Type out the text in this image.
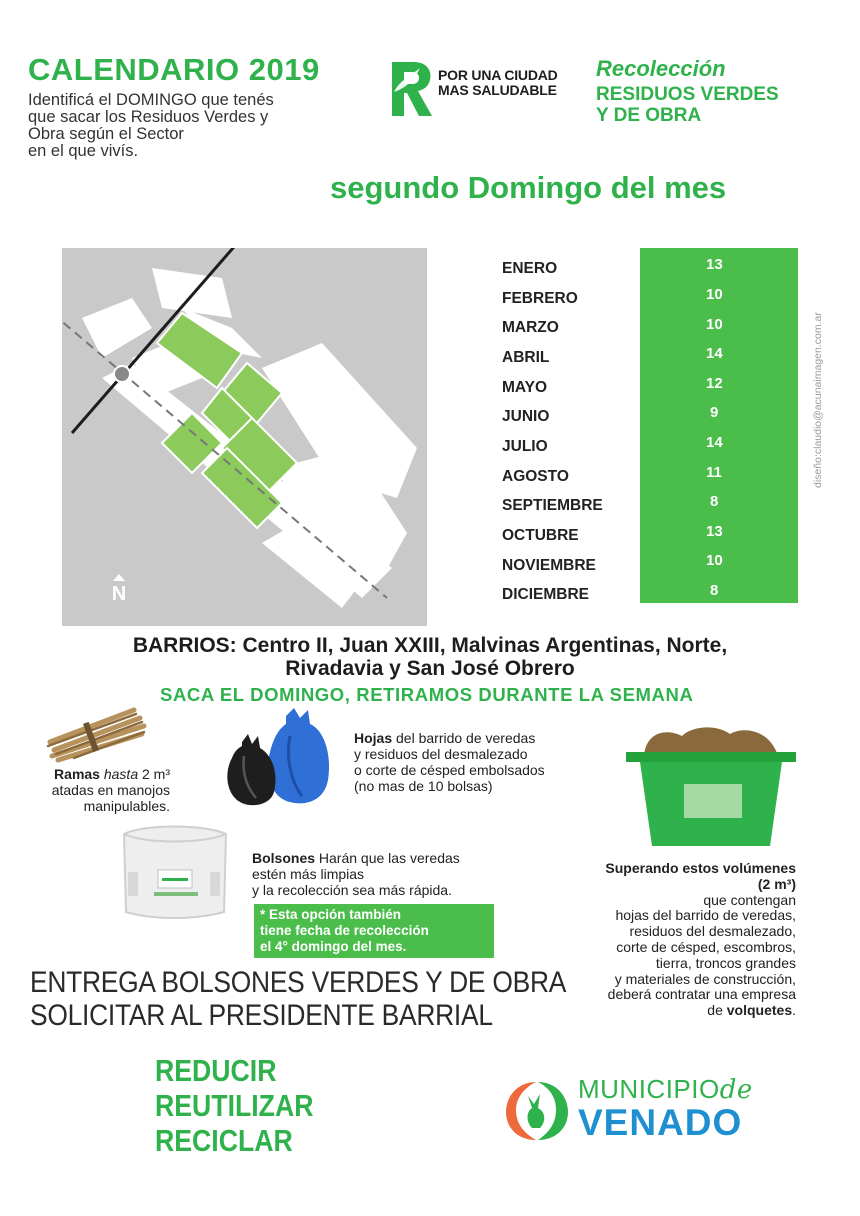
CALENDARIO 2019
Identificá el DOMINGO que tenés
que sacar los Residuos Verdes y
Obra según el Sector
en el que vivís.
POR UNA CIUDAD
MAS SALUDABLE
Recolección
RESIDUOS VERDES
Y DE OBRA
segundo Domingo del mes
N
ENERO
FEBRERO
MARZO
ABRIL
MAYO
JUNIO
JULIO
AGOSTO
SEPTIEMBRE
OCTUBRE
NOVIEMBRE
DICIEMBRE
13
10
10
14
12
9
14
11
8
13
10
8
diseño:claudio@acunaimagen.com.ar
BARRIOS: Centro II, Juan XXIII, Malvinas Argentinas, Norte,
Rivadavia y San José Obrero
SACA EL DOMINGO, RETIRAMOS DURANTE LA SEMANA
Ramas hasta 2 m³
atadas en manojos
manipulables.
Hojas del barrido de veredas
y residuos del desmalezado
o corte de césped embolsados
(no mas de 10 bolsas)
Bolsones Harán que las veredas
estén más limpias
y la recolección sea más rápida.
* Esta opción también
tiene fecha de recolección
el 4° domingo del mes.
Superando estos volúmenes
(2 m³)
que contengan
hojas del barrido de veredas,
residuos del desmalezado,
corte de césped, escombros,
tierra, troncos grandes
y materiales de construcción,
deberá contratar una empresa
de volquetes.
ENTREGA BOLSONES VERDES Y DE OBRA
SOLICITAR AL PRESIDENTE BARRIAL
REDUCIR
REUTILIZAR
RECICLAR
MUNICIPIOde
VENADO
